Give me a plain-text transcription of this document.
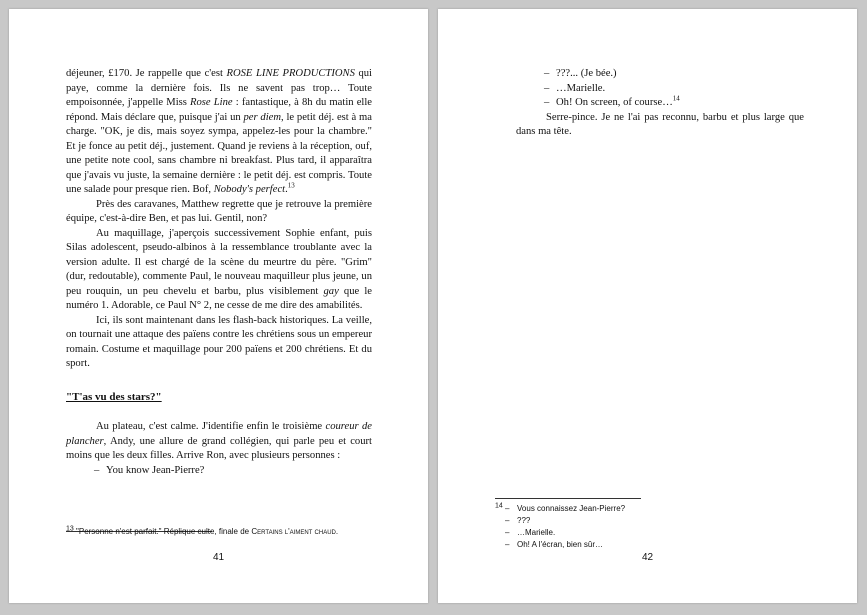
déjeuner, £170. Je rappelle que c'est ROSE LINE PRODUCTIONS qui paye, comme la dernière fois. Ils ne savent pas trop… Toute empoisonnée, j'appelle Miss Rose Line : fantastique, à 8h du matin elle répond. Mais déclare que, puisque j'ai un per diem, le petit déj. est à ma charge. "OK, je dis, mais soyez sympa, appelez-les pour la chambre." Et je fonce au petit déj., justement. Quand je reviens à la réception, ouf, une petite note cool, sans chambre ni breakfast. Plus tard, il apparaîtra que j'avais vu juste, la semaine dernière : le petit déj. est compris. Toute une salade pour presque rien. Bof, Nobody's perfect.$^{13}$

Près des caravanes, Matthew regrette que je retrouve la première équipe, c'est-à-dire Ben, et pas lui. Gentil, non?

Au maquillage, j'aperçois successivement Sophie enfant, puis Silas adolescent, pseudo-albinos à la ressemblance troublante avec la version adulte. Il est chargé de la scène du meurtre du père. "Grim" (dur, redoutable), commente Paul, le nouveau maquilleur plus jeune, un peu rouquin, un peu chevelu et barbu, plus visiblement gay que le numéro 1. Adorable, ce Paul N° 2, ne cesse de me dire des amabilités.

Ici, ils sont maintenant dans les flash-back historiques. La veille, on tournait une attaque des païens contre les chrétiens sous un empereur romain. Costume et maquillage pour 200 païens et 200 chrétiens. Et du sport.

"T'as vu des stars?"

Au plateau, c'est calme. J'identifie enfin le troisième coureur de plancher, Andy, une allure de grand collégien, qui parle peu et court moins que les deux filles. Arrive Ron, avec plusieurs personnes :

– You know Jean-Pierre?

$^{13}$ "Personne n'est parfait." Réplique culte, finale de Certains l'aiment chaud.
41

– ???... (Je bée.)

– …Marielle.

– Oh! On screen, of course…$^{14}$

Serre-pince. Je ne l'ai pas reconnu, barbu et plus large que dans ma tête.

$^{14}$ – Vous connaissez Jean-Pierre?
– ???
– …Marielle.
– Oh! A l'écran, bien sûr…
42
